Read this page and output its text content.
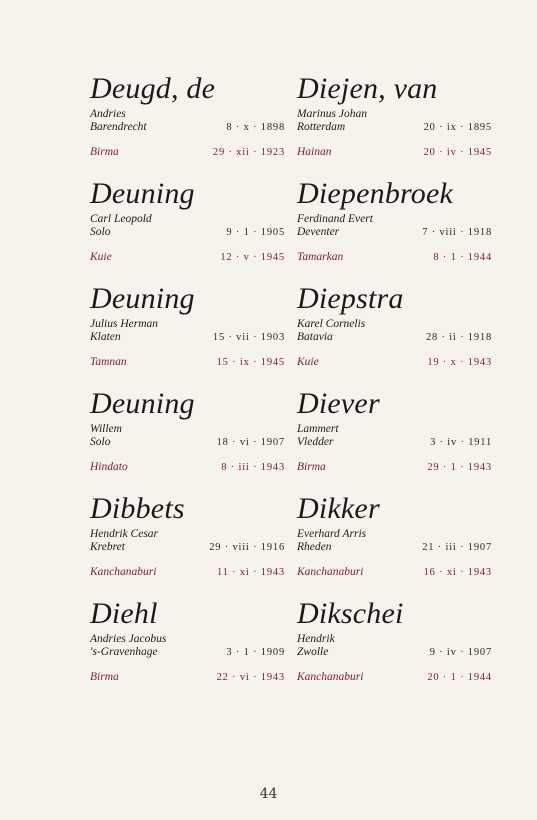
Deugd, de
Andries
Barendrecht	8 · x · 1898
Birma	29 · xii · 1923
Deuning
Carl Leopold
Solo	9 · 1 · 1905
Kuie	12 · v · 1945
Deuning
Julius Herman
Klaten	15 · vii · 1903
Tamnan	15 · ix · 1945
Deuning
Willem
Solo	18 · vi · 1907
Hindato	8 · iii · 1943
Dibbets
Hendrik Cesar
Krebret	29 · viii · 1916
Kanchanaburi	11 · xi · 1943
Diehl
Andries Jacobus
's-Gravenhage	3 · 1 · 1909
Birma	22 · vi · 1943
Diejen, van
Marinus Johan
Rotterdam	20 · ix · 1895
Hainan	20 · iv · 1945
Diepenbroek
Ferdinand Evert
Deventer	7 · viii · 1918
Tamarkan	8 · 1 · 1944
Diepstra
Karel Cornelis
Batavia	28 · ii · 1918
Kuie	19 · x · 1943
Diever
Lammert
Vledder	3 · iv · 1911
Birma	29 · 1 · 1943
Dikker
Everhard Arris
Rheden	21 · iii · 1907
Kanchanaburi	16 · xi · 1943
Dikschei
Hendrik
Zwolle	9 · iv · 1907
Kanchanaburi	20 · 1 · 1944
44
